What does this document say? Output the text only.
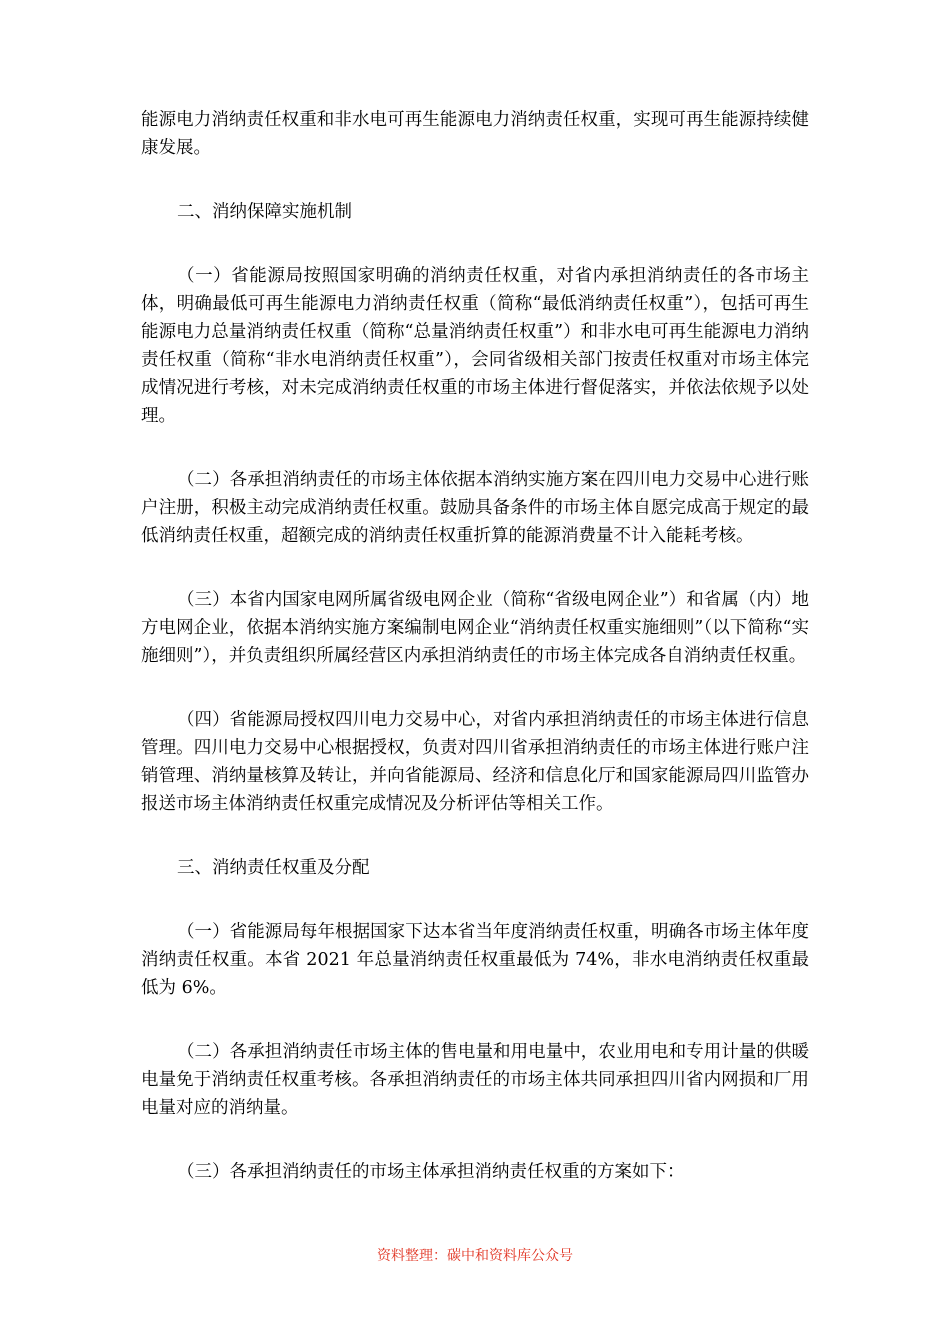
能源电力消纳责任权重和非水电可再生能源电力消纳责任权重，实现可再生能源持续健康发展。

二、消纳保障实施机制

（一）省能源局按照国家明确的消纳责任权重，对省内承担消纳责任的各市场主体，明确最低可再生能源电力消纳责任权重（简称“最低消纳责任权重”），包括可再生能源电力总量消纳责任权重（简称“总量消纳责任权重”）和非水电可再生能源电力消纳责任权重（简称“非水电消纳责任权重”），会同省级相关部门按责任权重对市场主体完成情况进行考核，对未完成消纳责任权重的市场主体进行督促落实，并依法依规予以处理。

（二）各承担消纳责任的市场主体依据本消纳实施方案在四川电力交易中心进行账户注册，积极主动完成消纳责任权重。鼓励具备条件的市场主体自愿完成高于规定的最低消纳责任权重，超额完成的消纳责任权重折算的能源消费量不计入能耗考核。

（三）本省内国家电网所属省级电网企业（简称“省级电网企业”）和省属（内）地方电网企业，依据本消纳实施方案编制电网企业“消纳责任权重实施细则”（以下简称“实施细则”），并负责组织所属经营区内承担消纳责任的市场主体完成各自消纳责任权重。

（四）省能源局授权四川电力交易中心，对省内承担消纳责任的市场主体进行信息管理。四川电力交易中心根据授权，负责对四川省承担消纳责任的市场主体进行账户注销管理、消纳量核算及转让，并向省能源局、经济和信息化厅和国家能源局四川监管办报送市场主体消纳责任权重完成情况及分析评估等相关工作。

三、消纳责任权重及分配

（一）省能源局每年根据国家下达本省当年度消纳责任权重，明确各市场主体年度消纳责任权重。本省 2021 年总量消纳责任权重最低为 74%，非水电消纳责任权重最低为 6%。

（二）各承担消纳责任市场主体的售电量和用电量中，农业用电和专用计量的供暖电量免于消纳责任权重考核。各承担消纳责任的市场主体共同承担四川省内网损和厂用电量对应的消纳量。

（三）各承担消纳责任的市场主体承担消纳责任权重的方案如下：

资料整理：碳中和资料库公众号
